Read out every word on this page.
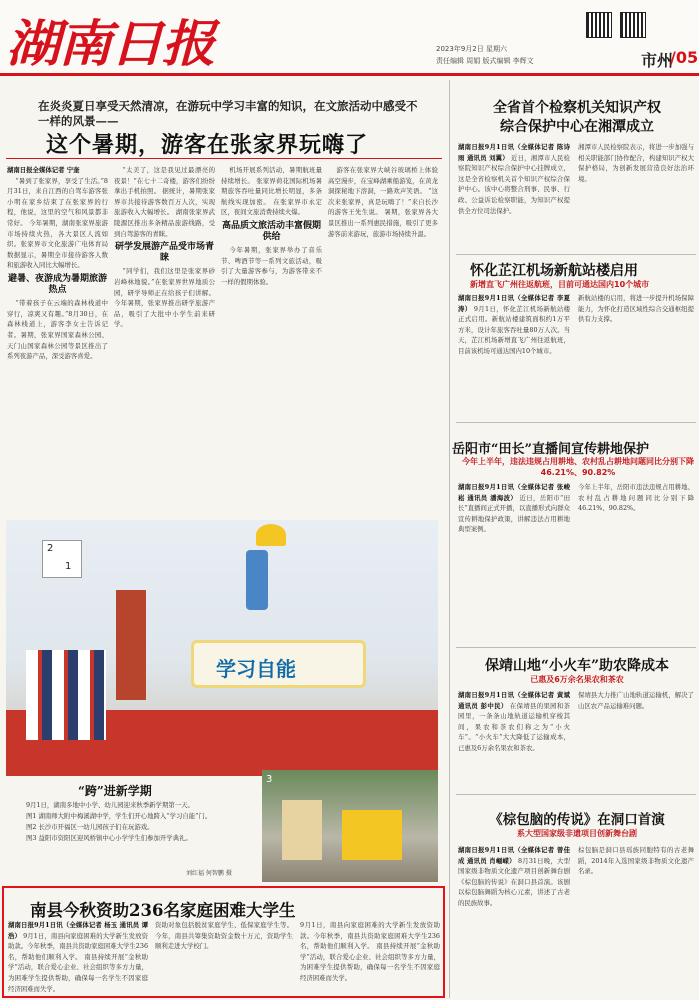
湖南日报	2023年9月2日 星期六
责任编辑 周娟 版式编辑 李辉文	市州
/05
在炎炎夏日享受天然清凉，在游玩中学习丰富的知识，在文旅活动中感受不一样的风景——
这个暑期，游客在张家界玩嗨了
湖南日报全媒体记者 宁奎

“暑到了张家界，享受了生活。”8月31日，来自江西的自驾车游客张小明在家乡结束了在张家界的行程，他说，这里的空气和风景都非常好。 今年暑期，湖南张家界旅游市场持续火热，各大景区人流如织。张家界市文化旅游广电体育局数据显示，暑期全市接待游客人数和旅游收入同比大幅增长。

避暑、夜游成为暑期旅游热点

“带着孩子在云端的森林栈道中穿行，凉爽又有趣。”8月30日，在森林栈道上，游客李女士告诉记者。暑期，张家界国家森林公园、天门山国家森林公园等景区推出了系列夜游产品，深受游客喜爱。

“太美了，这是我见过最漂亮的夜景！”在七十二奇楼，游客们纷纷拿出手机拍照。 据统计，暑期张家界市共接待游客数百万人次，实现旅游收入大幅增长。 湖南张家界武陵源区推出多条精品旅游线路，受到自驾游客的青睐。

研学发展游产品受市场青睐

“同学们，我们这里是张家界砂岩峰林地貌。”在张家界世界地质公园，研学导师正在给孩子们讲解。今年暑期，张家界推出研学旅游产品，吸引了大批中小学生前来研学。

机场开展系列活动，暑期航班量持续增长。 张家界荷花国际机场暑期旅客吞吐量同比增长明显，多条航线实现加密。 在张家界市永定区，夜间文旅消费持续火爆。

高品质文旅活动丰富假期供给

今年暑期，张家界举办了音乐节、啤酒节等一系列文旅活动，吸引了大量游客参与，为游客带来不一样的假期体验。

游客在张家界大峡谷玻璃桥上体验高空漫步，在宝峰湖乘船游览，在黄龙洞探秘地下溶洞，一路欢声笑语。 “这次来张家界，真是玩嗨了！”来自长沙的游客王先生说。 暑期，张家界各大景区推出一系列惠民措施，吸引了更多游客前来游玩，旅游市场持续升温。

学习自能
2
1
“跨”进新学期
9月1日，湖南多地中小学、幼儿园迎来秋季新学期第一天。
图1 湖南师大附中梅溪湖中学，学生们开心地跨入“学习自能”门。
图2 长沙市开福区一幼儿园孩子们在玩游戏。
图3 益阳市资阳区迎风桥镇中心小学学生们参加开学典礼。
刘红福 何智鹏 摄
3
南县今秋资助236名家庭困难大学生
湖南日报9月1日讯（全媒体记者 杨玉 通讯员 谭浩） 9月1日，南县向家庭困难的大学新生发放资助款。今年秋季，南县共资助家庭困难大学生236名，帮助他们顺利入学。 南县持续开展“金秋助学”活动，联合爱心企业、社会组织等多方力量，为困难学生提供帮助，确保每一名学生不因家庭经济困难而失学。
资助对象包括脱贫家庭学生、低保家庭学生等。今年，南县共筹集资助资金数十万元，资助学生顺利走进大学校门。
9月1日，南县向家庭困难的大学新生发放资助款。今年秋季，南县共资助家庭困难大学生236名，帮助他们顺利入学。 南县持续开展“金秋助学”活动，联合爱心企业、社会组织等多方力量，为困难学生提供帮助，确保每一名学生不因家庭经济困难而失学。
全省首个检察机关知识产权
综合保护中心在湘潭成立
湖南日报9月1日讯（全媒体记者 陈诗雨 通讯员 刘翼） 近日，湘潭市人民检察院知识产权综合保护中心挂牌成立，这是全省检察机关首个知识产权综合保护中心。该中心将整合刑事、民事、行政、公益诉讼检察职能，为知识产权提供全方位司法保护。
湘潭市人民检察院表示，将进一步加强与相关职能部门协作配合，构建知识产权大保护格局，为创新发展营造良好法治环境。
怀化芷江机场新航站楼启用
新增直飞广州往返航班，目前可通达国内10个城市
湖南日报9月1日讯（全媒体记者 李夏涛） 9月1日，怀化芷江机场新航站楼正式启用。新航站楼建筑面积约1万平方米，设计年旅客吞吐量80万人次。当天，芷江机场新增直飞广州往返航班，目前该机场可通达国内10个城市。
新航站楼的启用，将进一步提升机场保障能力，为怀化打造区域性综合交通枢纽提供有力支撑。
岳阳市“田长”直播间宣传耕地保护
今年上半年，违法违规占用耕地、农村乱占耕地问题同比分别下降46.21%、90.82%
湖南日报9月1日讯（全媒体记者 张峻崧 通讯员 潘海波） 近日，岳阳市“田长”直播间正式开播，以直播形式向群众宣传耕地保护政策，讲解违法占用耕地典型案例。
今年上半年，岳阳市违法违规占用耕地、农村乱占耕地问题同比分别下降46.21%、90.82%。
保靖山地“小火车”助农降成本
已惠及6万余名果农和茶农
湖南日报9月1日讯（全媒体记者 黄斌 通讯员 彭中民） 在保靖县的果园和茶园里，一条条山地轨道运输机穿梭其间，果农和茶农们称之为“小火车”。“小火车”大大降低了运输成本，已惠及6万余名果农和茶农。
保靖县大力推广山地轨道运输机，解决了山区农产品运输难问题。
《棕包脑的传说》在洞口首演
系大型国家级非遗项目创新舞台剧
湖南日报9月1日讯（全媒体记者 曾佳成 通讯员 肖崛嵘） 8月31日晚，大型国家级非物质文化遗产项目创新舞台剧《棕包脑的传说》在洞口县首演。该剧以棕包脑舞蹈为核心元素，讲述了古老的民族故事。
棕包脑是洞口县瑶族同胞特有的古老舞蹈，2014年入选国家级非物质文化遗产名录。
